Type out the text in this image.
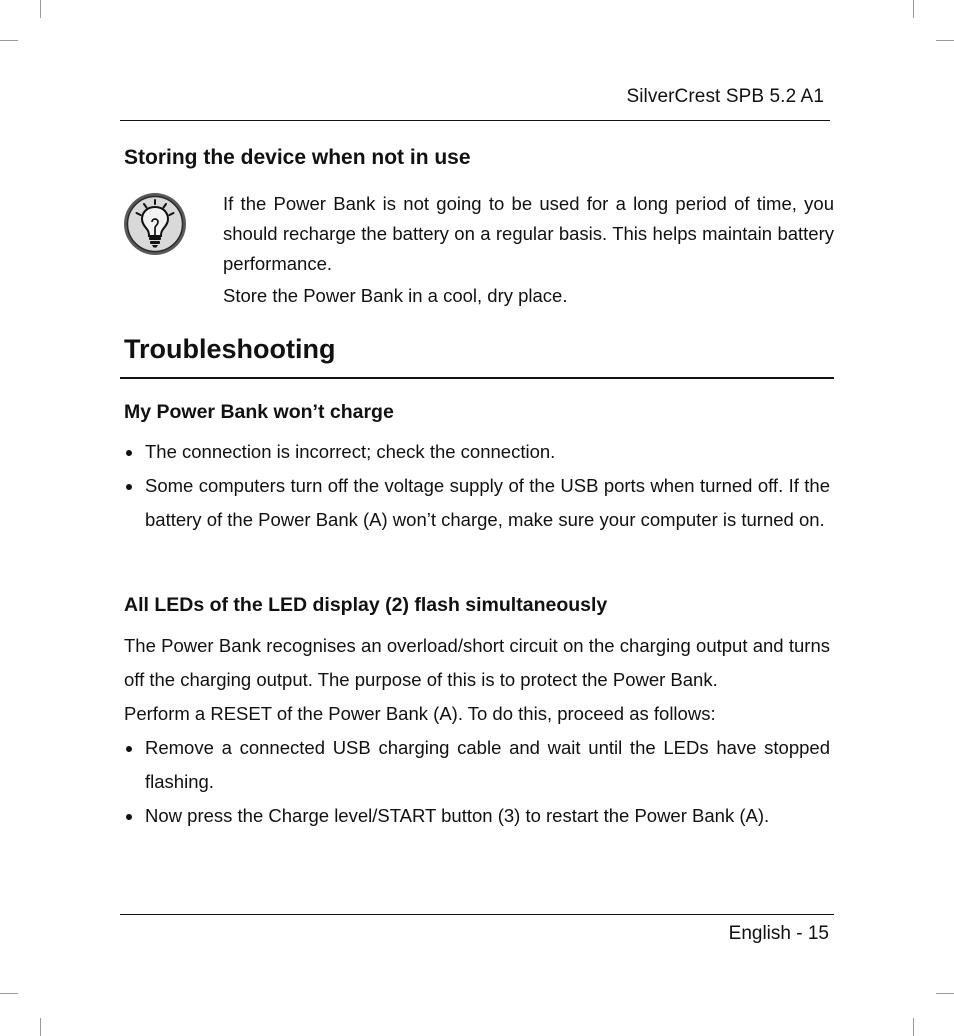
SilverCrest SPB 5.2 A1
Storing the device when not in use

If the Power Bank is not going to be used for a long period of time, you should recharge the battery on a regular basis. This helps maintain battery performance.

Store the Power Bank in a cool, dry place.

Troubleshooting
My Power Bank won’t charge
The connection is incorrect; check the connection.
Some computers turn off the voltage supply of the USB ports when turned off. If the battery of the Power Bank (A) won’t charge, make sure your computer is turned on.
All LEDs of the LED display (2) flash simultaneously

The Power Bank recognises an overload/short circuit on the charging output and turns off the charging output. The purpose of this is to protect the Power Bank.

Perform a RESET of the Power Bank (A). To do this, proceed as follows:

Remove a connected USB charging cable and wait until the LEDs have stopped flashing.
Now press the Charge level/START button (3) to restart the Power Bank (A).
English - 15
